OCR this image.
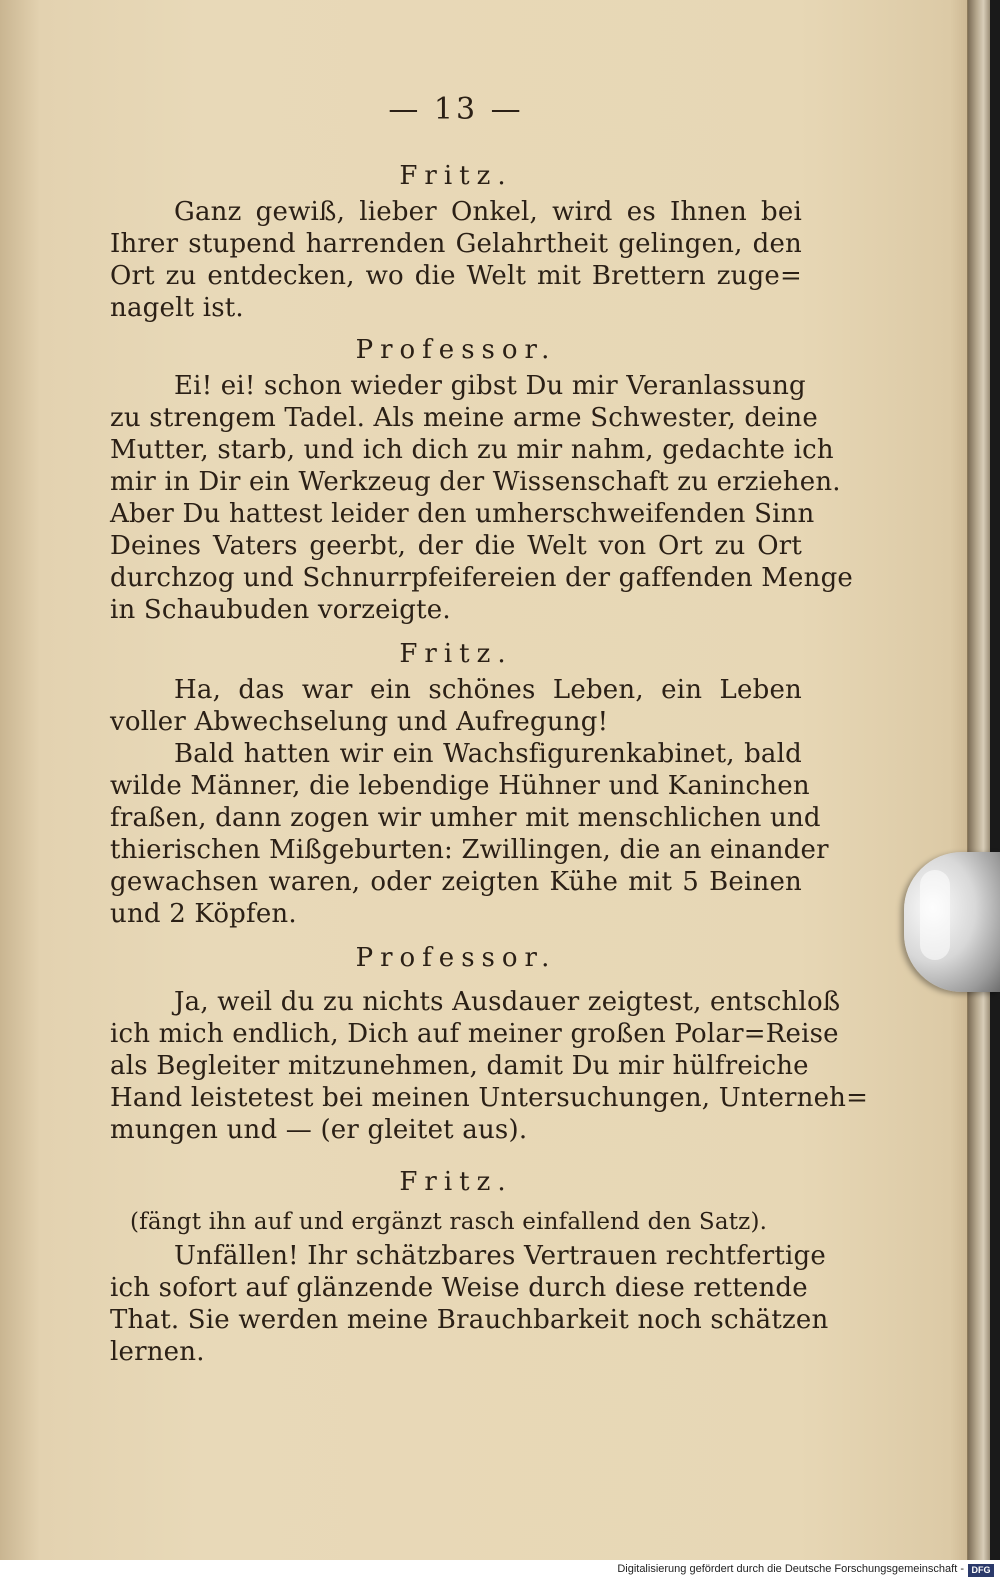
— 13 —
Fritz.
Ganz gewiß, lieber Onkel, wird es Ihnen bei
Ihrer stupend harrenden Gelahrtheit gelingen, den
Ort zu entdecken, wo die Welt mit Brettern zuge=
nagelt ist.
Professor.
Ei! ei! schon wieder gibst Du mir Veranlassung
zu strengem Tadel. Als meine arme Schwester, deine
Mutter, starb, und ich dich zu mir nahm, gedachte ich
mir in Dir ein Werkzeug der Wissenschaft zu erziehen.
Aber Du hattest leider den umherschweifenden Sinn
Deines Vaters geerbt, der die Welt von Ort zu Ort
durchzog und Schnurrpfeifereien der gaffenden Menge
in Schaubuden vorzeigte.
Fritz.
Ha, das war ein schönes Leben, ein Leben
voller Abwechselung und Aufregung!
Bald hatten wir ein Wachsfigurenkabinet, bald
wilde Männer, die lebendige Hühner und Kaninchen
fraßen, dann zogen wir umher mit menschlichen und
thierischen Mißgeburten: Zwillingen, die an einander
gewachsen waren, oder zeigten Kühe mit 5 Beinen
und 2 Köpfen.
Professor.
Ja, weil du zu nichts Ausdauer zeigtest, entschloß
ich mich endlich, Dich auf meiner großen Polar=Reise
als Begleiter mitzunehmen, damit Du mir hülfreiche
Hand leistetest bei meinen Untersuchungen, Unterneh=
mungen und — (er gleitet aus).
Fritz.
(fängt ihn auf und ergänzt rasch einfallend den Satz).
Unfällen! Ihr schätzbares Vertrauen rechtfertige
ich sofort auf glänzende Weise durch diese rettende
That. Sie werden meine Brauchbarkeit noch schätzen
lernen.
Digitalisierung gefördert durch die Deutsche Forschungsgemeinschaft - DFG
